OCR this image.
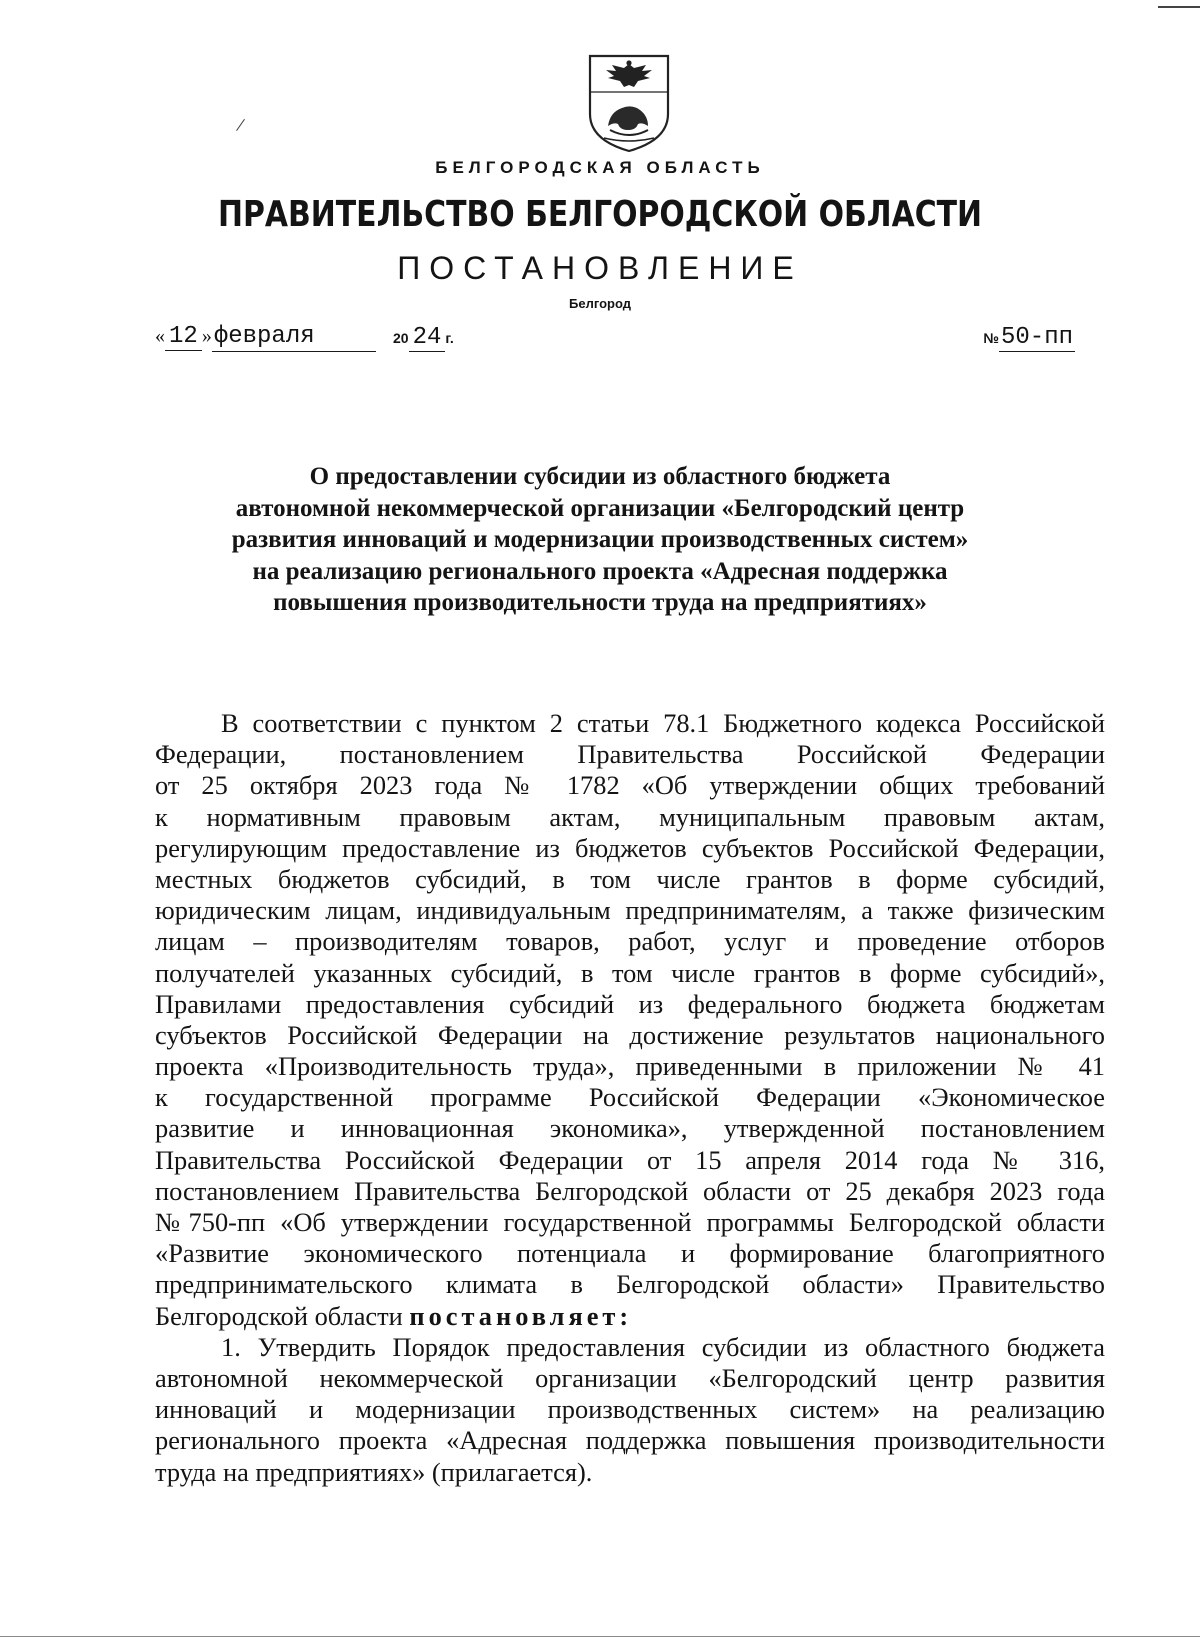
БЕЛГОРОДСКАЯ ОБЛАСТЬ
ПРАВИТЕЛЬСТВО БЕЛГОРОДСКОЙ ОБЛАСТИ
ПОСТАНОВЛЕНИЕ
Белгород
« 12 »февраля	20 24 г.	№50-пп
О предоставлении субсидии из областного бюджета
автономной некоммерческой организации «Белгородский центр
развития инноваций и модернизации производственных систем»
на реализацию регионального проекта «Адресная поддержка
повышения производительности труда на предприятиях»
В соответствии с пунктом 2 статьи 78.1 Бюджетного кодекса Российской
Федерации, постановлением Правительства Российской Федерации
от 25 октября 2023 года № 1782 «Об утверждении общих требований
к нормативным правовым актам, муниципальным правовым актам,
регулирующим предоставление из бюджетов субъектов Российской Федерации,
местных бюджетов субсидий, в том числе грантов в форме субсидий,
юридическим лицам, индивидуальным предпринимателям, а также физическим
лицам – производителям товаров, работ, услуг и проведение отборов
получателей указанных субсидий, в том числе грантов в форме субсидий»,
Правилами предоставления субсидий из федерального бюджета бюджетам
субъектов Российской Федерации на достижение результатов национального
проекта «Производительность труда», приведенными в приложении № 41
к государственной программе Российской Федерации «Экономическое
развитие и инновационная экономика», утвержденной постановлением
Правительства Российской Федерации от 15 апреля 2014 года № 316,
постановлением Правительства Белгородской области от 25 декабря 2023 года
№750-пп «Об утверждении государственной программы Белгородской области
«Развитие экономического потенциала и формирование благоприятного
предпринимательского климата в Белгородской области» Правительство
Белгородской области постановляет:
1. Утвердить Порядок предоставления субсидии из областного бюджета
автономной некоммерческой организации «Белгородский центр развития
инноваций и модернизации производственных систем» на реализацию
регионального проекта «Адресная поддержка повышения производительности
труда на предприятиях» (прилагается).
